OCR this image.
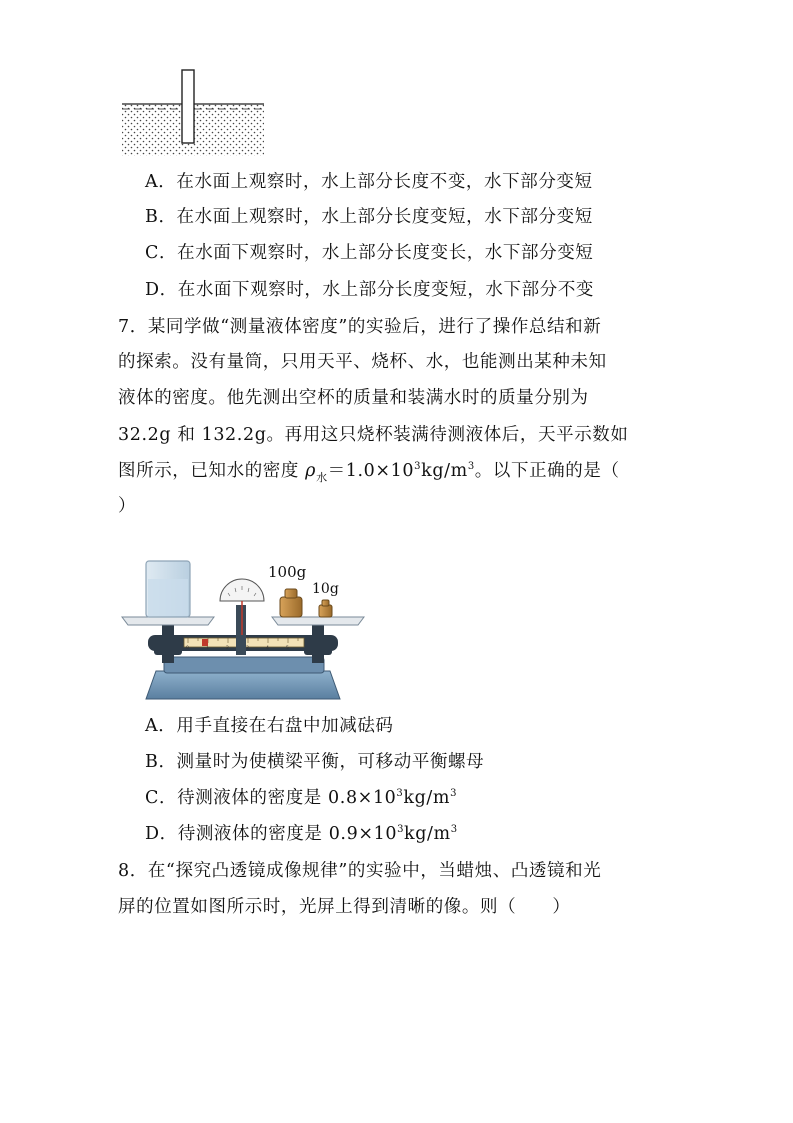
A．在水面上观察时，水上部分长度不变，水下部分变短
B．在水面上观察时，水上部分长度变短，水下部分变短
C．在水面下观察时，水上部分长度变长，水下部分变短
D．在水面下观察时，水上部分长度变短，水下部分不变
7．某同学做“测量液体密度”的实验后，进行了操作总结和新
的探索。没有量筒，只用天平、烧杯、水，也能测出某种未知
液体的密度。他先测出空杯的质量和装满水时的质量分别为
32.2g 和 132.2g。再用这只烧杯装满待测液体后，天平示数如
图所示，已知水的密度 $\rho_水=1.0\times 10^3kg/m^3$。以下正确的是（
）
0	1	2	3	4	5
100g
10g
A．用手直接在右盘中加减砝码
B．测量时为使横梁平衡，可移动平衡螺母
C．待测液体的密度是 $0.8\times 10^3kg/m^3$
D．待测液体的密度是 $0.9\times 10^3kg/m^3$
8．在“探究凸透镜成像规律”的实验中，当蜡烛、凸透镜和光
屏的位置如图所示时，光屏上得到清晰的像。则（　　）
